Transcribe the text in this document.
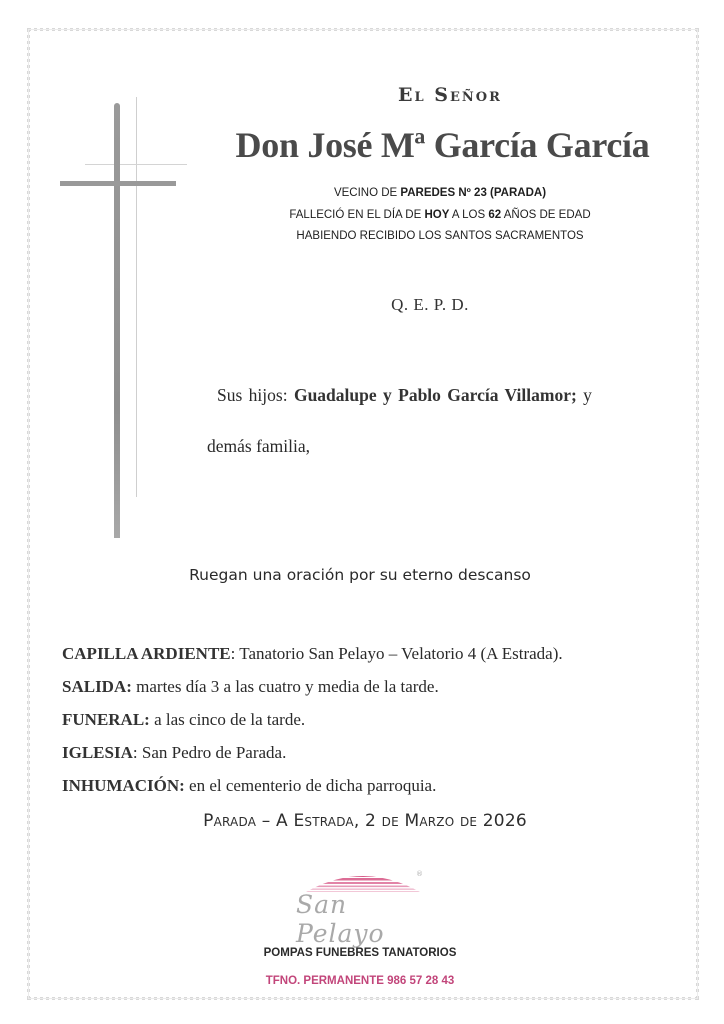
El Señor
Don José Mª García García
VECINO DE PAREDES Nº 23 (PARADA)
FALLECIÓ EN EL DÍA DE HOY A LOS 62 AÑOS DE EDAD
HABIENDO RECIBIDO LOS SANTOS SACRAMENTOS
Q. E. P. D.
Sus hijos: Guadalupe y Pablo García Villamor; y
demás familia,
Ruegan una oración por su eterno descanso
CAPILLA ARDIENTE: Tanatorio San Pelayo – Velatorio 4 (A Estrada).
SALIDA: martes día 3 a las cuatro y media de la tarde.
FUNERAL: a las cinco de la tarde.
IGLESIA: San Pedro de Parada.
INHUMACIÓN: en el cementerio de dicha parroquia.
Parada – A Estrada, 2 de Marzo de 2026
®
San Pelayo
POMPAS FUNEBRES TANATORIOS
TFNO. PERMANENTE 986 57 28 43
